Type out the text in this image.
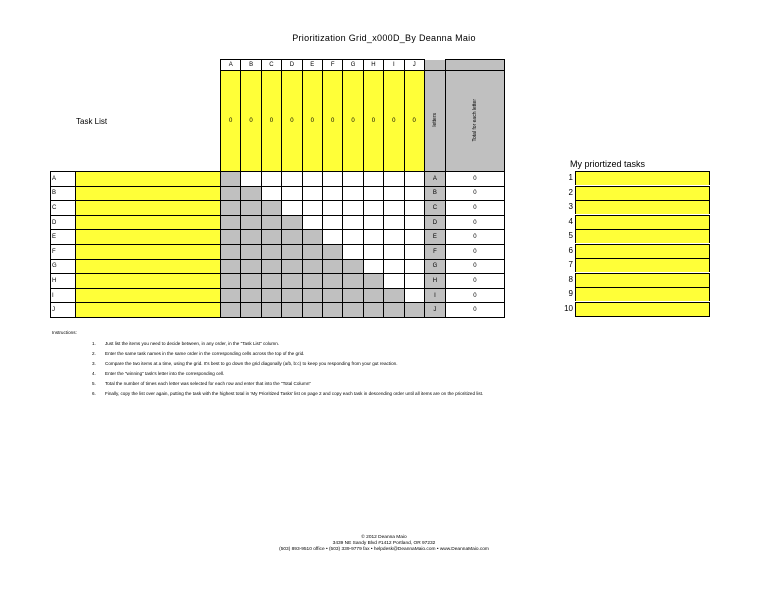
Prioritization Grid_x000D_By Deanna Maio
Task List
		A	B	C	D	E	F	G	H	I	J		
		0	0	0	0	0	0	0	0	0	0	letters	Total for each letter
A												A	0
B												B	0
C												C	0
D												D	0
E												E	0
F												F	0
G												G	0
H												H	0
I												I	0
J												J	0
My priortized tasks
1
2
3
4
5
6
7
8
9
10
Instructions:
1. Just list the items you need to decide between, in any order, in the "Task List" column.
2. Enter the same task names in the same order in the corresponding cells across the top of the grid.
3. Compare the two items at a time, using the grid. It's best to go down the grid diagonally (a/b, b:c) to keep you responding from your gut reaction.
4. Enter the "winning" task's letter into the corresponding cell.
5. Total the number of times each letter was selected for each row and enter that into the "Total Column"
6. Finally, copy the list over again, putting the task with the highest total in 'My Prioritized Tasks' list on page 2 and copy each task in descending order until all items are on the prioritized list.
© 2012 Deanna Maio
3439 NE Sandy Blvd #1412 Portland, OR 97232
(503) 893-9510 office • (503) 339-9779 fax • helpdesk@DeannaMaio.com • www.DeannaMaio.com
